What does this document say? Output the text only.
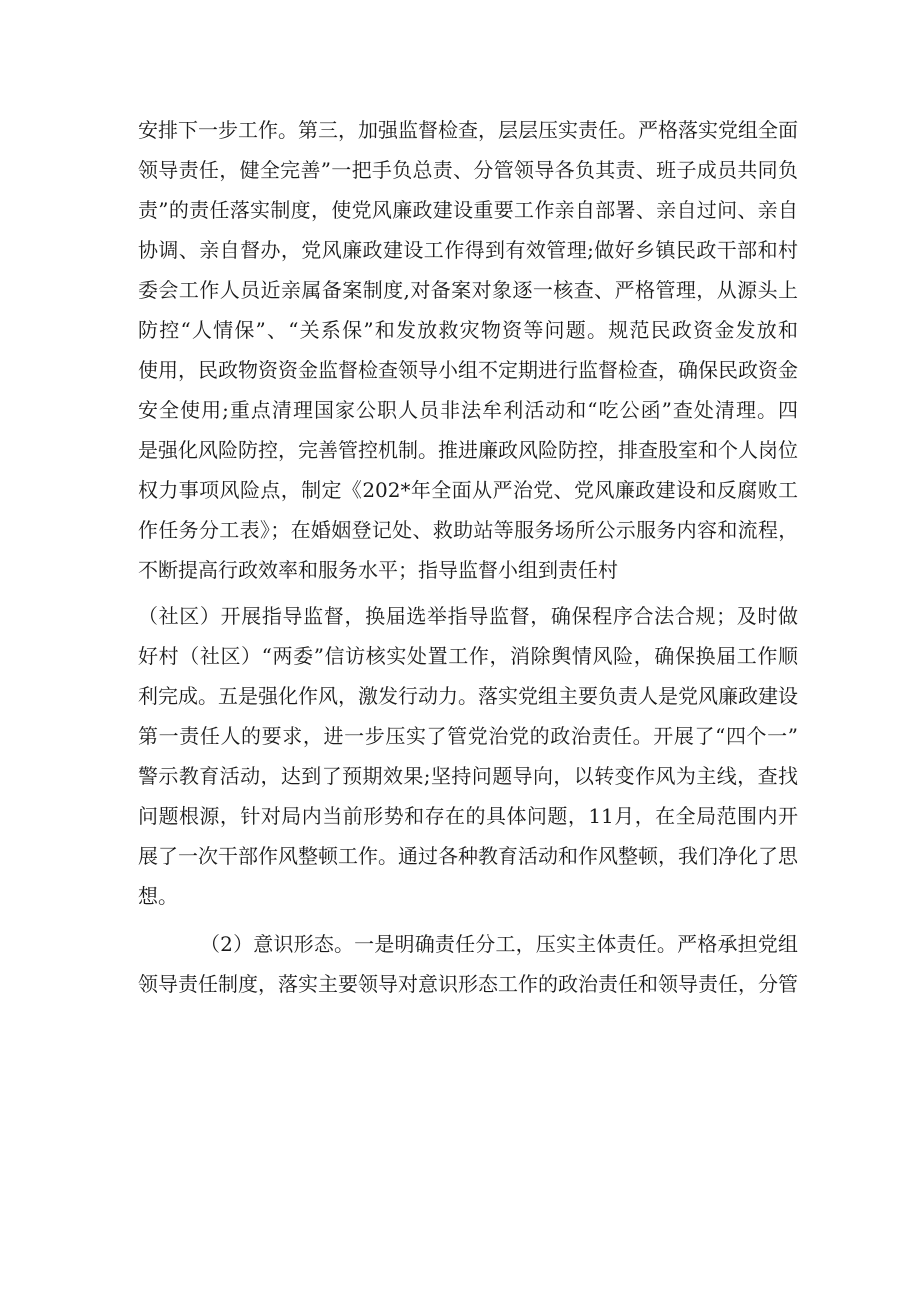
安排下一步工作。第三，加强监督检查，层层压实责任。严格落实党组全面
领导责任，健全完善”一把手负总责、分管领导各负其责、班子成员共同负
责”的责任落实制度，使党风廉政建设重要工作亲自部署、亲自过问、亲自
协调、亲自督办，党风廉政建设工作得到有效管理;做好乡镇民政干部和村
委会工作人员近亲属备案制度,对备案对象逐一核查、严格管理，从源头上
防控“人情保”、“关系保”和发放救灾物资等问题。规范民政资金发放和
使用，民政物资资金监督检查领导小组不定期进行监督检查，确保民政资金
安全使用;重点清理国家公职人员非法牟利活动和“吃公函”查处清理。四
是强化风险防控，完善管控机制。推进廉政风险防控，排查股室和个人岗位
权力事项风险点，制定《202*年全面从严治党、党风廉政建设和反腐败工
作任务分工表》；在婚姻登记处、救助站等服务场所公示服务内容和流程，
不断提高行政效率和服务水平；指导监督小组到责任村
（社区）开展指导监督，换届选举指导监督，确保程序合法合规；及时做
好村（社区）“两委”信访核实处置工作，消除舆情风险，确保换届工作顺
利完成。五是强化作风，激发行动力。落实党组主要负责人是党风廉政建设
第一责任人的要求，进一步压实了管党治党的政治责任。开展了“四个一”
警示教育活动，达到了预期效果;坚持问题导向，以转变作风为主线，查找
问题根源，针对局内当前形势和存在的具体问题，11月，在全局范围内开
展了一次干部作风整顿工作。通过各种教育活动和作风整顿，我们净化了思
想。
（2）意识形态。一是明确责任分工，压实主体责任。严格承担党组
领导责任制度，落实主要领导对意识形态工作的政治责任和领导责任，分管
